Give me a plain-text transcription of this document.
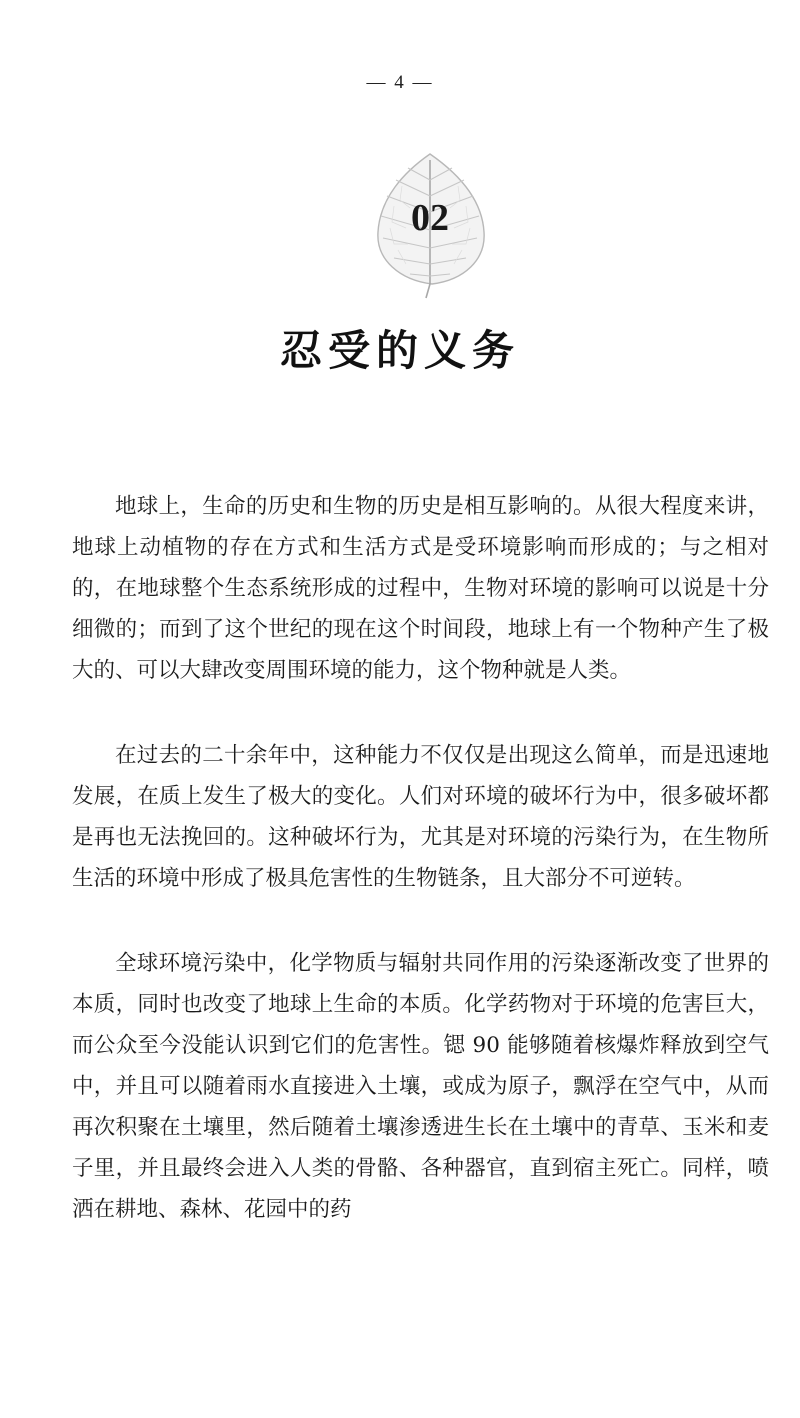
— 4 —
02
忍受的义务

地球上，生命的历史和生物的历史是相互影响的。从很大程度来讲，地球上动植物的存在方式和生活方式是受环境影响而形成的；与之相对的，在地球整个生态系统形成的过程中，生物对环境的影响可以说是十分细微的；而到了这个世纪的现在这个时间段，地球上有一个物种产生了极大的、可以大肆改变周围环境的能力，这个物种就是人类。

在过去的二十余年中，这种能力不仅仅是出现这么简单，而是迅速地发展，在质上发生了极大的变化。人们对环境的破坏行为中，很多破坏都是再也无法挽回的。这种破坏行为，尤其是对环境的污染行为，在生物所生活的环境中形成了极具危害性的生物链条，且大部分不可逆转。

全球环境污染中，化学物质与辐射共同作用的污染逐渐改变了世界的本质，同时也改变了地球上生命的本质。化学药物对于环境的危害巨大，而公众至今没能认识到它们的危害性。锶 90 能够随着核爆炸释放到空气中，并且可以随着雨水直接进入土壤，或成为原子，飘浮在空气中，从而再次积聚在土壤里，然后随着土壤渗透进生长在土壤中的青草、玉米和麦子里，并且最终会进入人类的骨骼、各种器官，直到宿主死亡。同样，喷洒在耕地、森林、花园中的药
